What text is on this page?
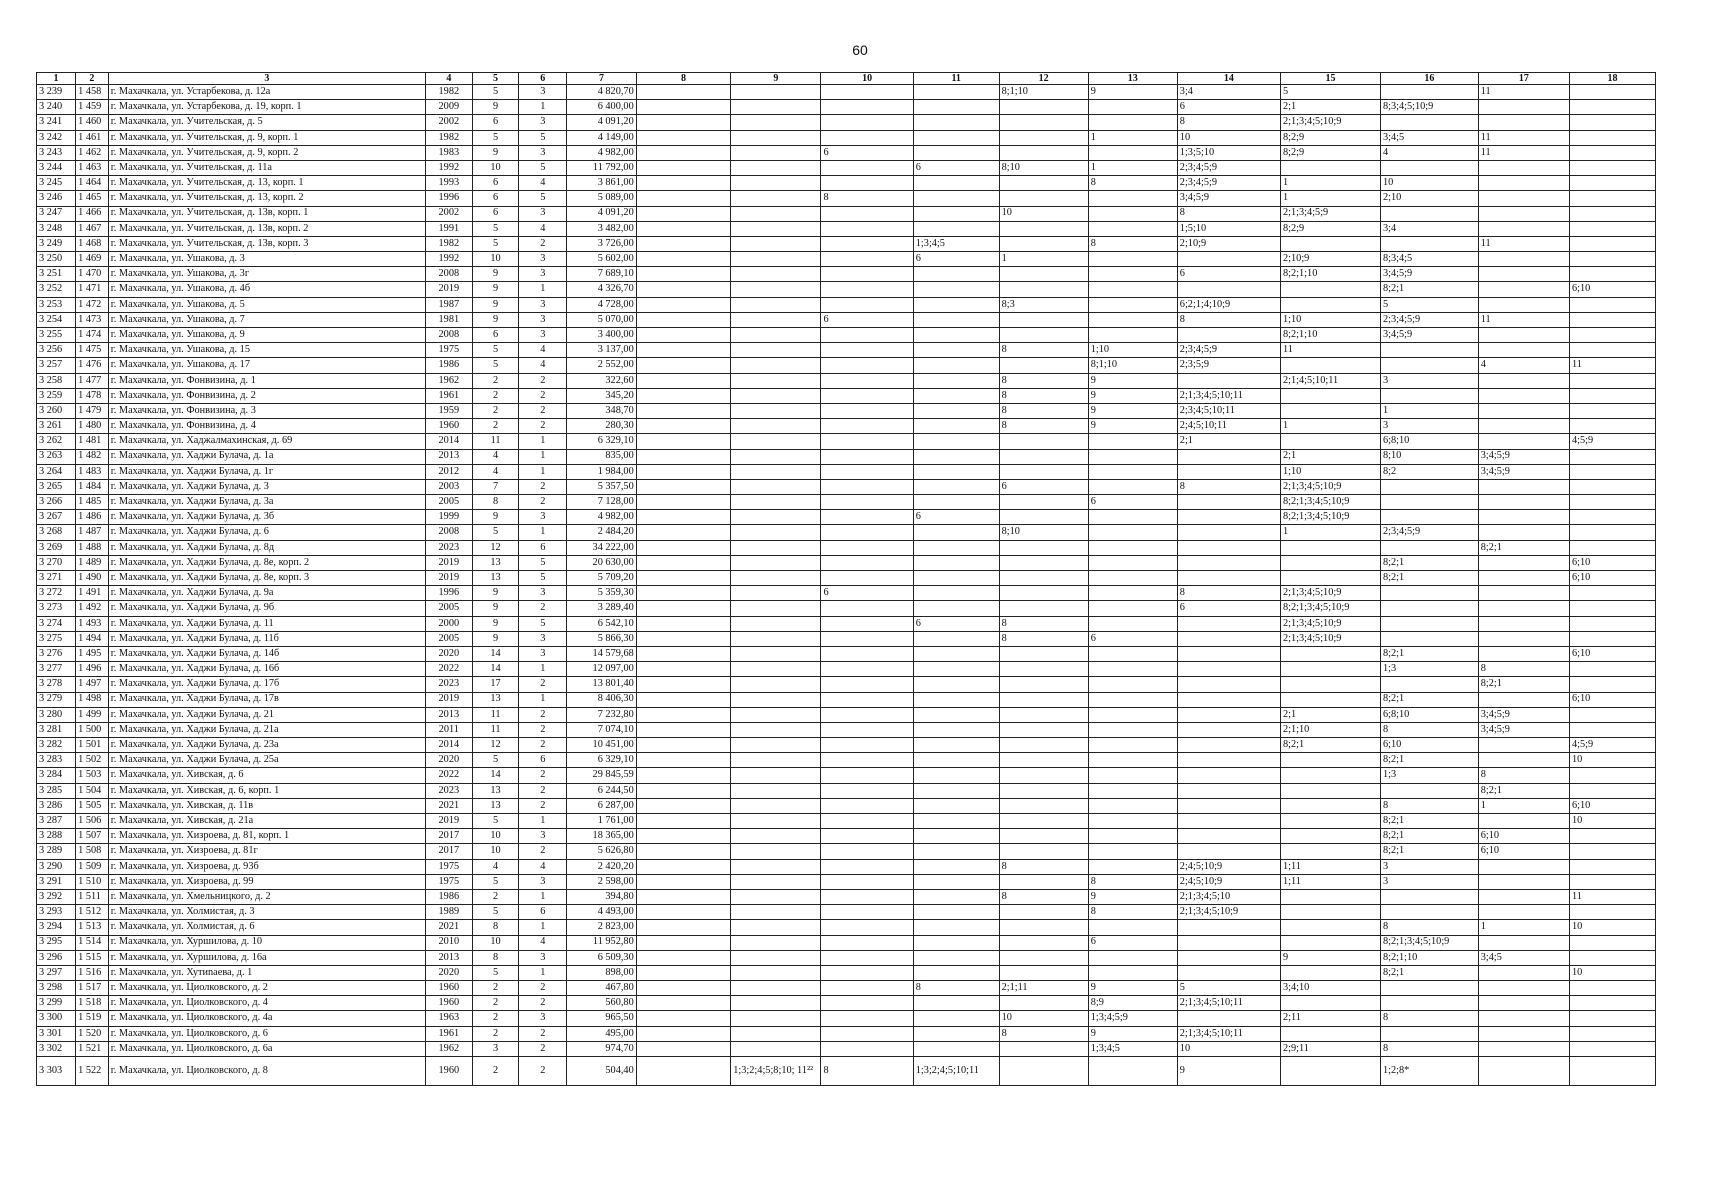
60
1	2	3	4	5	6	7	8	9	10	11	12	13	14	15	16	17	18
3 239	1 458	г. Махачкала, ул. Устарбекова, д. 12а	1982	5	3	4 820,70					8;1;10	9	3;4	5		11	
3 240	1 459	г. Махачкала, ул. Устарбекова, д. 19, корп. 1	2009	9	1	6 400,00							6	2;1	8;3;4;5;10;9		
3 241	1 460	г. Махачкала, ул. Учительская, д. 5	2002	6	3	4 091,20							8	2;1;3;4;5;10;9			
3 242	1 461	г. Махачкала, ул. Учительская, д. 9, корп. 1	1982	5	5	4 149,00						1	10	8;2;9	3;4;5	11	
3 243	1 462	г. Махачкала, ул. Учительская, д. 9, корп. 2	1983	9	3	4 982,00			6				1;3;5;10	8;2;9	4	11	
3 244	1 463	г. Махачкала, ул. Учительская, д. 11а	1992	10	5	11 792,00				6	8;10	1	2;3;4;5;9				
3 245	1 464	г. Махачкала, ул. Учительская, д. 13, корп. 1	1993	6	4	3 861,00						8	2;3;4;5;9	1	10		
3 246	1 465	г. Махачкала, ул. Учительская, д. 13, корп. 2	1996	6	5	5 089,00			8				3;4;5;9	1	2;10		
3 247	1 466	г. Махачкала, ул. Учительская, д. 13в, корп. 1	2002	6	3	4 091,20					10		8	2;1;3;4;5;9			
3 248	1 467	г. Махачкала, ул. Учительская, д. 13в, корп. 2	1991	5	4	3 482,00							1;5;10	8;2;9	3;4		
3 249	1 468	г. Махачкала, ул. Учительская, д. 13в, корп. 3	1982	5	2	3 726,00				1;3;4;5		8	2;10;9			11	
3 250	1 469	г. Махачкала, ул. Ушакова, д. 3	1992	10	3	5 602,00				6	1			2;10;9	8;3;4;5		
3 251	1 470	г. Махачкала, ул. Ушакова, д. 3г	2008	9	3	7 689,10							6	8;2;1;10	3;4;5;9		
3 252	1 471	г. Махачкала, ул. Ушакова, д. 4б	2019	9	1	4 326,70									8;2;1		6;10
3 253	1 472	г. Махачкала, ул. Ушакова, д. 5	1987	9	3	4 728,00					8;3		6;2;1;4;10;9		5		
3 254	1 473	г. Махачкала, ул. Ушакова, д. 7	1981	9	3	5 070,00			6				8	1;10	2;3;4;5;9	11	
3 255	1 474	г. Махачкала, ул. Ушакова, д. 9	2008	6	3	3 400,00								8;2;1;10	3;4;5;9		
3 256	1 475	г. Махачкала, ул. Ушакова, д. 15	1975	5	4	3 137,00					8	1;10	2;3;4;5;9	11			
3 257	1 476	г. Махачкала, ул. Ушакова, д. 17	1986	5	4	2 552,00						8;1;10	2;3;5;9			4	11
3 258	1 477	г. Махачкала, ул. Фонвизина, д. 1	1962	2	2	322,60					8	9		2;1;4;5;10;11	3		
3 259	1 478	г. Махачкала, ул. Фонвизина, д. 2	1961	2	2	345,20					8	9	2;1;3;4;5;10;11				
3 260	1 479	г. Махачкала, ул. Фонвизина, д. 3	1959	2	2	348,70					8	9	2;3;4;5;10;11		1		
3 261	1 480	г. Махачкала, ул. Фонвизина, д. 4	1960	2	2	280,30					8	9	2;4;5;10;11	1	3		
3 262	1 481	г. Махачкала, ул. Хаджалмахинская, д. 69	2014	11	1	6 329,10							2;1		6;8;10		4;5;9
3 263	1 482	г. Махачкала, ул. Хаджи Булача, д. 1а	2013	4	1	835,00								2;1	8;10	3;4;5;9	
3 264	1 483	г. Махачкала, ул. Хаджи Булача, д. 1г	2012	4	1	1 984,00								1;10	8;2	3;4;5;9	
3 265	1 484	г. Махачкала, ул. Хаджи Булача, д. 3	2003	7	2	5 357,50					6		8	2;1;3;4;5;10;9			
3 266	1 485	г. Махачкала, ул. Хаджи Булача, д. 3а	2005	8	2	7 128,00						6		8;2;1;3;4;5;10;9			
3 267	1 486	г. Махачкала, ул. Хаджи Булача, д. 3б	1999	9	3	4 982,00				6				8;2;1;3;4;5;10;9			
3 268	1 487	г. Махачкала, ул. Хаджи Булача, д. 6	2008	5	1	2 484,20					8;10			1	2;3;4;5;9		
3 269	1 488	г. Махачкала, ул. Хаджи Булача, д. 8д	2023	12	6	34 222,00										8;2;1	
3 270	1 489	г. Махачкала, ул. Хаджи Булача, д. 8е, корп. 2	2019	13	5	20 630,00									8;2;1		6;10
3 271	1 490	г. Махачкала, ул. Хаджи Булача, д. 8е, корп. 3	2019	13	5	5 709,20									8;2;1		6;10
3 272	1 491	г. Махачкала, ул. Хаджи Булача, д. 9а	1996	9	3	5 359,30			6				8	2;1;3;4;5;10;9			
3 273	1 492	г. Махачкала, ул. Хаджи Булача, д. 9б	2005	9	2	3 289,40							6	8;2;1;3;4;5;10;9			
3 274	1 493	г. Махачкала, ул. Хаджи Булача, д. 11	2000	9	5	6 542,10				6	8			2;1;3;4;5;10;9			
3 275	1 494	г. Махачкала, ул. Хаджи Булача, д. 11б	2005	9	3	5 866,30					8	6		2;1;3;4;5;10;9			
3 276	1 495	г. Махачкала, ул. Хаджи Булача, д. 14б	2020	14	3	14 579,68									8;2;1		6;10
3 277	1 496	г. Махачкала, ул. Хаджи Булача, д. 16б	2022	14	1	12 097,00									1;3	8	
3 278	1 497	г. Махачкала, ул. Хаджи Булача, д. 17б	2023	17	2	13 801,40										8;2;1	
3 279	1 498	г. Махачкала, ул. Хаджи Булача, д. 17в	2019	13	1	8 406,30									8;2;1		6;10
3 280	1 499	г. Махачкала, ул. Хаджи Булача, д. 21	2013	11	2	7 232,80								2;1	6;8;10	3;4;5;9	
3 281	1 500	г. Махачкала, ул. Хаджи Булача, д. 21а	2011	11	2	7 074,10								2;1;10	8	3;4;5;9	
3 282	1 501	г. Махачкала, ул. Хаджи Булача, д. 23а	2014	12	2	10 451,00								8;2;1	6;10		4;5;9
3 283	1 502	г. Махачкала, ул. Хаджи Булача, д. 25а	2020	5	6	6 329,10									8;2;1		10
3 284	1 503	г. Махачкала, ул. Хивская, д. 6	2022	14	2	29 845,59									1;3	8	
3 285	1 504	г. Махачкала, ул. Хивская, д. 6, корп. 1	2023	13	2	6 244,50										8;2;1	
3 286	1 505	г. Махачкала, ул. Хивская, д. 11в	2021	13	2	6 287,00									8	1	6;10
3 287	1 506	г. Махачкала, ул. Хивская, д. 21а	2019	5	1	1 761,00									8;2;1		10
3 288	1 507	г. Махачкала, ул. Хизроева, д. 81, корп. 1	2017	10	3	18 365,00									8;2;1	6;10	
3 289	1 508	г. Махачкала, ул. Хизроева, д. 81г	2017	10	2	5 626,80									8;2;1	6;10	
3 290	1 509	г. Махачкала, ул. Хизроева, д. 93б	1975	4	4	2 420,20					8		2;4;5;10;9	1;11	3		
3 291	1 510	г. Махачкала, ул. Хизроева, д. 99	1975	5	3	2 598,00						8	2;4;5;10;9	1;11	3		
3 292	1 511	г. Махачкала, ул. Хмельницкого, д. 2	1986	2	1	394,80					8	9	2;1;3;4;5;10				11
3 293	1 512	г. Махачкала, ул. Холмистая, д. 3	1989	5	6	4 493,00						8	2;1;3;4;5;10;9				
3 294	1 513	г. Махачкала, ул. Холмистая, д. 6	2021	8	1	2 823,00									8	1	10
3 295	1 514	г. Махачкала, ул. Хуршилова, д. 10	2010	10	4	11 952,80						6			8;2;1;3;4;5;10;9		
3 296	1 515	г. Махачкала, ул. Хуршилова, д. 16а	2013	8	3	6 509,30								9	8;2;1;10	3;4;5	
3 297	1 516	г. Махачкала, ул. Хутиnaeва, д. 1	2020	5	1	898,00									8;2;1		10
3 298	1 517	г. Махачкала, ул. Циолковского, д. 2	1960	2	2	467,80				8	2;1;11	9	5	3;4;10			
3 299	1 518	г. Махачкала, ул. Циолковского, д. 4	1960	2	2	560,80						8;9	2;1;3;4;5;10;11				
3 300	1 519	г. Махачкала, ул. Циолковского, д. 4а	1963	2	3	965,50					10	1;3;4;5;9		2;11	8		
3 301	1 520	г. Махачкала, ул. Циолковского, д. 6	1961	2	2	495,00					8	9	2;1;3;4;5;10;11				
3 302	1 521	г. Махачкала, ул. Циолковского, д. 6а	1962	3	2	974,70						1;3;4;5	10	2;9;11	8		
3 303	1 522	г. Махачкала, ул. Циолковского, д. 8	1960	2	2	504,40		1;3;2;4;5;8;10; 11²²	8	1;3;2;4;5;10;11			9		1;2;8*		
